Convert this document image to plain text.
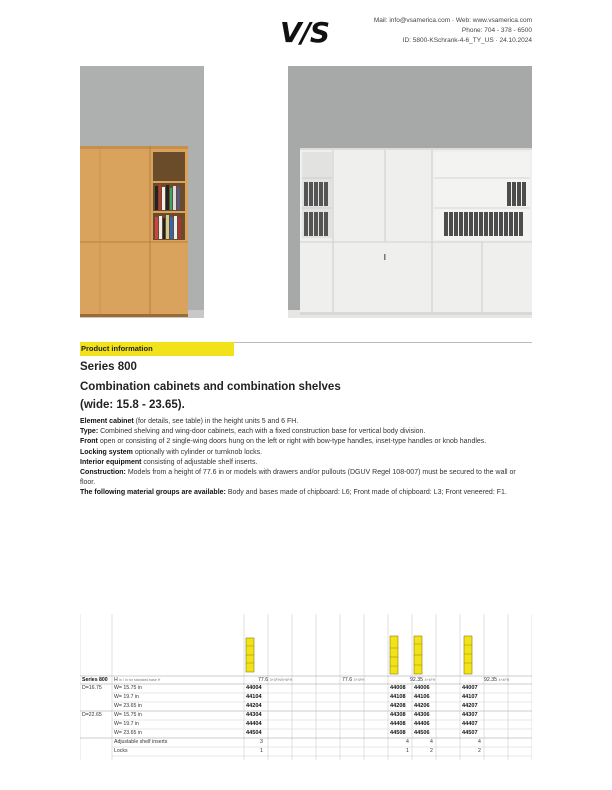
V/S	Mail: info@vsamerica.com · Web: www.vsamerica.com
Phone: 704 - 378 - 6500
ID: 5800-KSchrank-4-6_TY_US · 24.10.2024
Product information
Series 800
Combination cabinets and combination shelves
(wide: 15.8 - 23.65).

Element cabinet (for details, see table) in the height units 5 and 6 FH.

Type: Combined shelving and wing-door cabinets, each with a fixed construction base for vertical body division.

Front open or consisting of 2 single-wing doors hung on the left or right with bow-type handles, inset-type handles or knob handles.

Locking system optionally with cylinder or turnknob locks.

Interior equipment consisting of adjustable shelf inserts.

Construction: Models from a height of 77.6 in or models with drawers and/or pullouts (DGUV Regel 108-007) must be secured to the wall or floor.

The following material groups are available: Body and bases made of chipboard: L6; Front made of chipboard: L3; Front veneered: F1.

Series 800 H in / in for standard base H	77.6 3+3FH/5+6FH	77.6 3+3FH	92.35 4+4FH	92.35 4+4FH
D=16.75 W= 15.75 in	44004	44008 44006	44007
W= 19.7 in	44104	44108 44106	44107
W= 23.65 in	44204	44208 44206	44207
D=22.65 W= 15.75 in	44304	44308 44306	44307
W= 19.7 in	44404	44408 44406	44407
W= 23.65 in	44504	44508 44506	44507
Adjustable shelf inserts	3	4	4	4
Locks	1	1	2	2
